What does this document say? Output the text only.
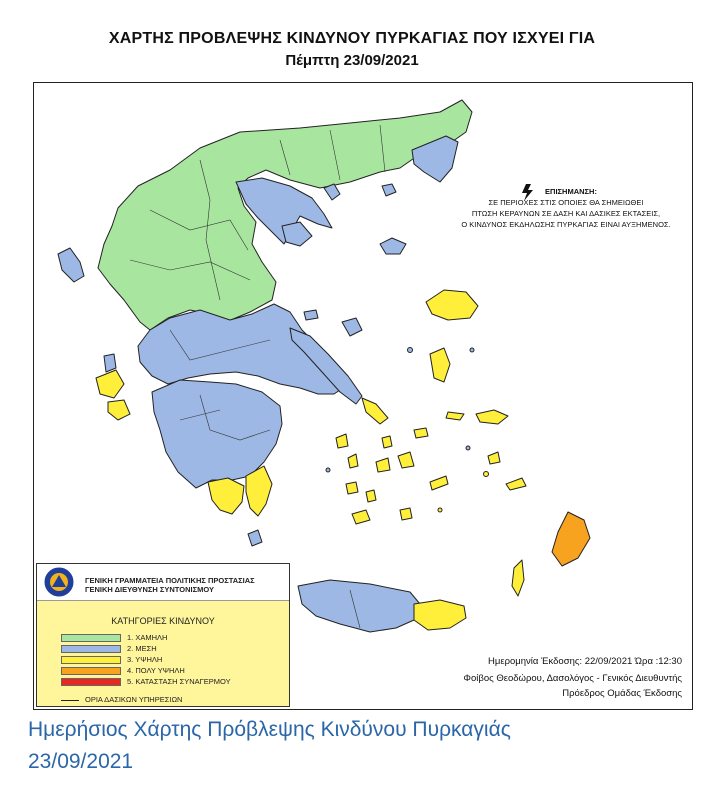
ΧΑΡΤΗΣ ΠΡΟΒΛΕΨΗΣ ΚΙΝΔΥΝΟΥ ΠΥΡΚΑΓΙΑΣ ΠΟΥ ΙΣΧΥΕΙ ΓΙΑ
Πέμπτη 23/09/2021
ΕΠΙΣΗΜΑΝΣΗ:
ΣΕ ΠΕΡΙΟΧΕΣ ΣΤΙΣ ΟΠΟΙΕΣ ΘΑ ΣΗΜΕΙΩΘΕΙ
ΠΤΩΣΗ ΚΕΡΑΥΝΩΝ ΣΕ ΔΑΣΗ ΚΑΙ ΔΑΣΙΚΕΣ ΕΚΤΑΣΕΙΣ,
Ο ΚΙΝΔΥΝΟΣ ΕΚΔΗΛΩΣΗΣ ΠΥΡΚΑΓΙΑΣ ΕΙΝΑΙ ΑΥΞΗΜΕΝΟΣ.
ΓΕΝΙΚΗ ΓΡΑΜΜΑΤΕΙΑ ΠΟΛΙΤΙΚΗΣ ΠΡΟΣΤΑΣΙΑΣ
ΓΕΝΙΚΗ ΔΙΕΥΘΥΝΣΗ ΣΥΝΤΟΝΙΣΜΟΥ
ΚΑΤΗΓΟΡΙΕΣ ΚΙΝΔΥΝΟΥ
1. ΧΑΜΗΛΗ
2. ΜΕΣΗ
3. ΥΨΗΛΗ
4. ΠΟΛΥ ΥΨΗΛΗ
5. ΚΑΤΑΣΤΑΣΗ ΣΥΝΑΓΕΡΜΟΥ
ΟΡΙΑ ΔΑΣΙΚΩΝ ΥΠΗΡΕΣΙΩΝ
Ημερομηνία Έκδοσης: 22/09/2021 Ώρα :12:30
Φοίβος Θεοδώρου, Δασολόγος - Γενικός Διευθυντής
Πρόεδρος Ομάδας Έκδοσης
Ημερήσιος Χάρτης Πρόβλεψης Κινδύνου Πυρκαγιάς
23/09/2021
